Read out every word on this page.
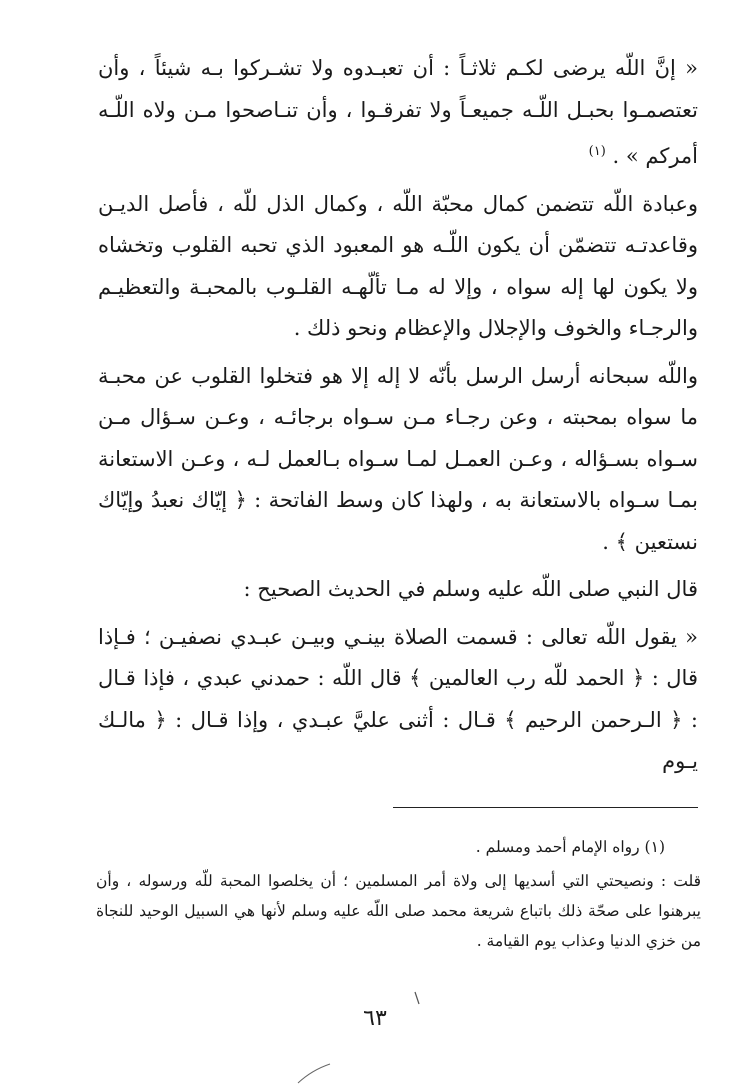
« إنَّ اللّه يرضى لكـم ثلاثـاً : أن تعبـدوه ولا تشـركوا بـه شيئاً ، وأن تعتصمـوا بحبـل اللّـه جميعـاً ولا تفرقـوا ، وأن تنـاصحوا مـن ولاه اللّـه أمركم » . $^{(١)}$

وعبادة اللّه تتضمن كمال محبّة اللّه ، وكمال الذل للّه ، فأصل الديـن وقاعدتـه تتضمّن أن يكون اللّـه هو المعبود الذي تحبه القلوب وتخشاه ولا يكون لها إله سواه ، وإلا له مـا تألّهـه القلـوب بالمحبـة والتعظيـم والرجـاء والخوف والإجلال والإعظام ونحو ذلك .

واللّه سبحانه أرسل الرسل بأنّه لا إله إلا هو فتخلوا القلوب عن محبـة ما سواه بمحبته ، وعن رجـاء مـن سـواه برجائـه ، وعـن سـؤال مـن سـواه بسـؤاله ، وعـن العمـل لمـا سـواه بـالعمل لـه ، وعـن الاستعانة بمـا سـواه بالاستعانة به ، ولهذا كان وسط الفاتحة : ﴿ إيّاك نعبدُ وإيّاك نستعين ﴾ .

قال النبي صلى اللّه عليه وسلم في الحديث الصحيح :

« يقول اللّه تعالى : قسمت الصلاة بينـي وبيـن عبـدي نصفيـن ؛ فـإذا قال : ﴿ الحمد للّه رب العالمين ﴾ قال اللّه : حمدني عبدي ، فإذا قـال : ﴿ الـرحمن الرحيم ﴾ قـال : أثنى عليَّ عبـدي ، وإذا قـال : ﴿ مالـك يـوم

(١) رواه الإمام أحمد ومسلم .

قلت : ونصيحتي التي أسديها إلى ولاة أمر المسلمين ؛ أن يخلصوا المحبة للّه ورسوله ، وأن يبرهنوا على صحّة ذلك باتباع شريعة محمد صلى اللّه عليه وسلم لأنها هي السبيل الوحيد للنجاة من خزي الدنيا وعذاب يوم القيامة .

٦٣
